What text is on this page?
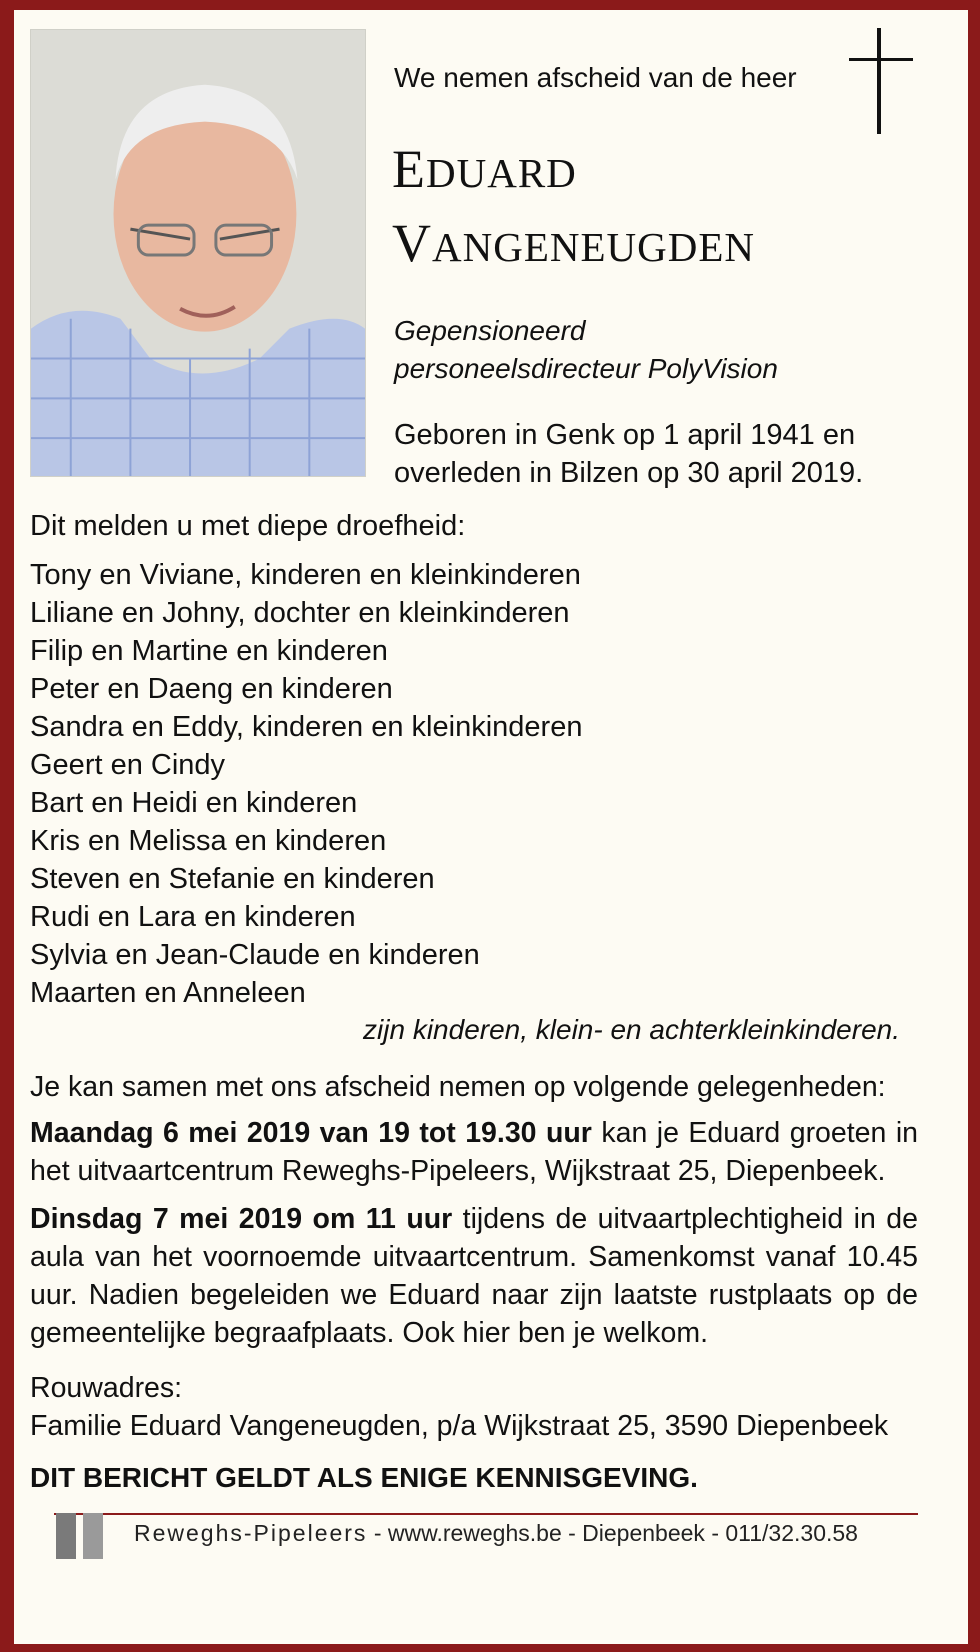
We nemen afscheid van de heer
EDUARD
VANGENEUGDEN
Gepensioneerd
personeelsdirecteur PolyVision
Geboren in Genk op 1 april 1941 en
overleden in Bilzen op 30 april 2019.
Dit melden u met diepe droefheid:
Tony en Viviane, kinderen en kleinkinderen
Liliane en Johny, dochter en kleinkinderen
Filip en Martine en kinderen
Peter en Daeng en kinderen
Sandra en Eddy, kinderen en kleinkinderen
Geert en Cindy
Bart en Heidi en kinderen
Kris en Melissa en kinderen
Steven en Stefanie en kinderen
Rudi en Lara en kinderen
Sylvia en Jean-Claude en kinderen
Maarten en Anneleen
zijn kinderen, klein- en achterkleinkinderen.
Je kan samen met ons afscheid nemen op volgende gelegenheden:
Maandag 6 mei 2019 van 19 tot 19.30 uur kan je Eduard groeten in het uitvaartcentrum Reweghs-Pipeleers, Wijkstraat 25, Diepenbeek.
Dinsdag 7 mei 2019 om 11 uur tijdens de uitvaartplechtigheid in de aula van het voornoemde uitvaartcentrum. Samenkomst vanaf 10.45 uur. Nadien begeleiden we Eduard naar zijn laatste rustplaats op de gemeentelijke begraafplaats. Ook hier ben je welkom.
Rouwadres:
Familie Eduard Vangeneugden, p/a Wijkstraat 25, 3590 Diepenbeek
DIT BERICHT GELDT ALS ENIGE KENNISGEVING.
Reweghs-Pipeleers - www.reweghs.be - Diepenbeek - 011/32.30.58
